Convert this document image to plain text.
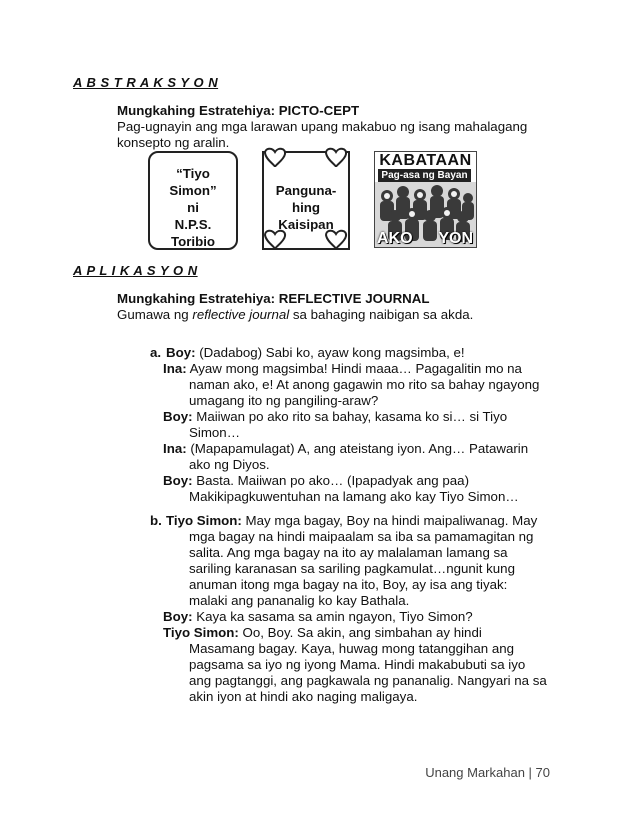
A B S T R A K S Y O N
Mungkahing Estratehiya: PICTO-CEPT
Pag-ugnayin ang mga larawan upang makabuo ng isang mahalagang
konsepto ng aralin.
“Tiyo
Simon”
ni
N.P.S.
Toribio
Panguna-
hing
Kaisipan
KABATAAN
Pag-asa ng Bayan
AKO YON
A P L I K A S Y O N
Mungkahing Estratehiya: REFLECTIVE JOURNAL
Gumawa ng reflective journal sa bahaging naibigan sa akda.
a. Boy: (Dadabog) Sabi ko, ayaw kong magsimba, e!
Ina: Ayaw mong magsimba! Hindi maaa… Pagagalitin mo na
naman ako, e! At anong gagawin mo rito sa bahay ngayong
umagang ito ng pangiling-araw?
Boy: Maiiwan po ako rito sa bahay, kasama ko si… si Tiyo
Simon…
Ina: (Mapapamulagat) A, ang ateistang iyon. Ang… Patawarin
ako ng Diyos.
Boy: Basta. Maiiwan po ako… (Ipapadyak ang paa)
Makikipagkuwentuhan na lamang ako kay Tiyo Simon…
b. Tiyo Simon: May mga bagay, Boy na hindi maipaliwanag. May
mga bagay na hindi maipaalam sa iba sa pamamagitan ng
salita. Ang mga bagay na ito ay malalaman lamang sa
sariling karanasan sa sariling pagkamulat…ngunit kung
anuman itong mga bagay na ito, Boy, ay isa ang tiyak:
malaki ang pananalig ko kay Bathala.
Boy: Kaya ka sasama sa amin ngayon, Tiyo Simon?
Tiyo Simon: Oo, Boy. Sa akin, ang simbahan ay hindi
Masamang bagay. Kaya, huwag mong tatanggihan ang
pagsama sa iyo ng iyong Mama. Hindi makabubuti sa iyo
ang pagtanggi, ang pagkawala ng pananalig. Nangyari na sa
akin iyon at hindi ako naging maligaya.
Unang Markahan | 70
